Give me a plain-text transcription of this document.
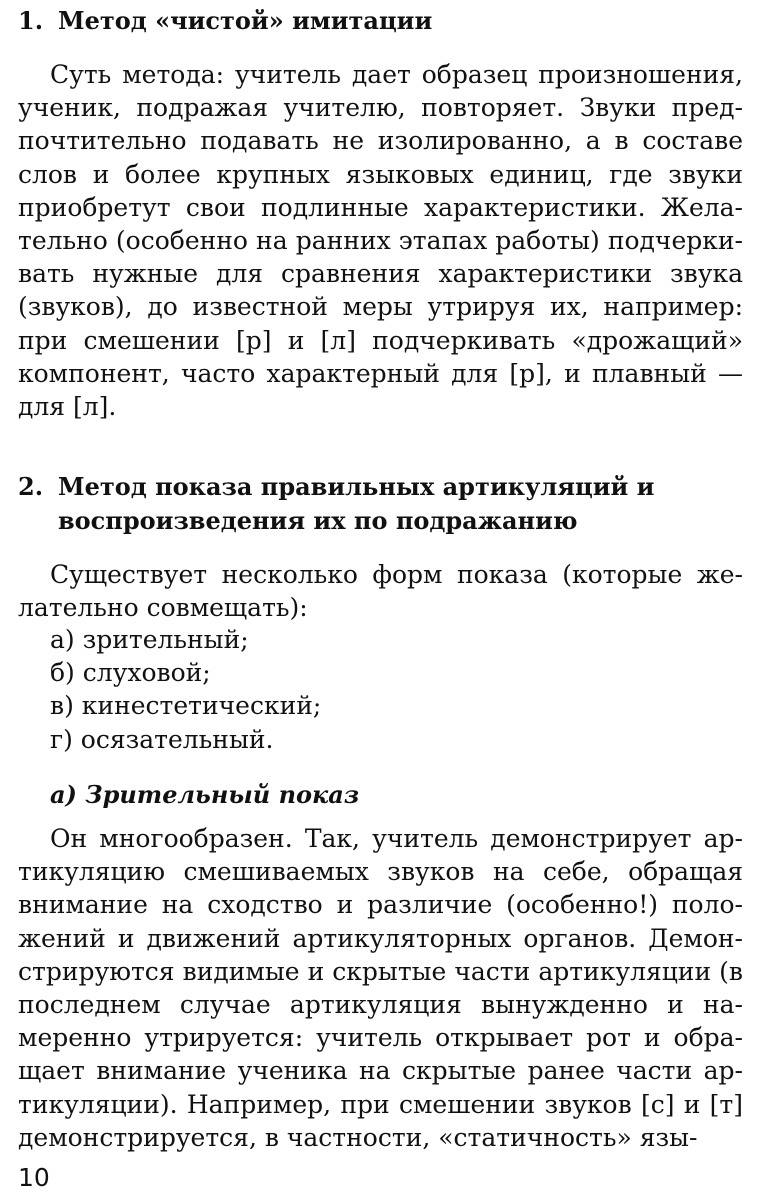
1. Метод «чистой» имитации

Суть метода: учитель дает образец произношения, ученик, подражая учителю, повторяет. Звуки предпочтительно подавать не изолированно, а в составе слов и более крупных языковых единиц, где звуки приобретут свои подлинные характеристики. Желательно (особенно на ранних этапах работы) подчеркивать нужные для сравнения характеристики звука (звуков), до известной меры утрируя их, например: при смешении [р] и [л] подчеркивать «дрожащий» компонент, часто характерный для [р], и плавный — для [л].

2. Метод показа правильных артикуляций и воспроизведения их по подражанию

Существует несколько форм показа (которые желательно совмещать):

а) зрительный;
б) слуховой;
в) кинестетический;
г) осязательный.
а) Зрительный показ

Он многообразен. Так, учитель демонстрирует артикуляцию смешиваемых звуков на себе, обращая внимание на сходство и различие (особенно!) положений и движений артикуляторных органов. Демонстрируются видимые и скрытые части артикуляции (в последнем случае артикуляция вынужденно и намеренно утрируется: учитель открывает рот и обращает внимание ученика на скрытые ранее части артикуляции). Например, при смешении звуков [с] и [т] демонстрируется, в частности, «статичность» язы-

10
